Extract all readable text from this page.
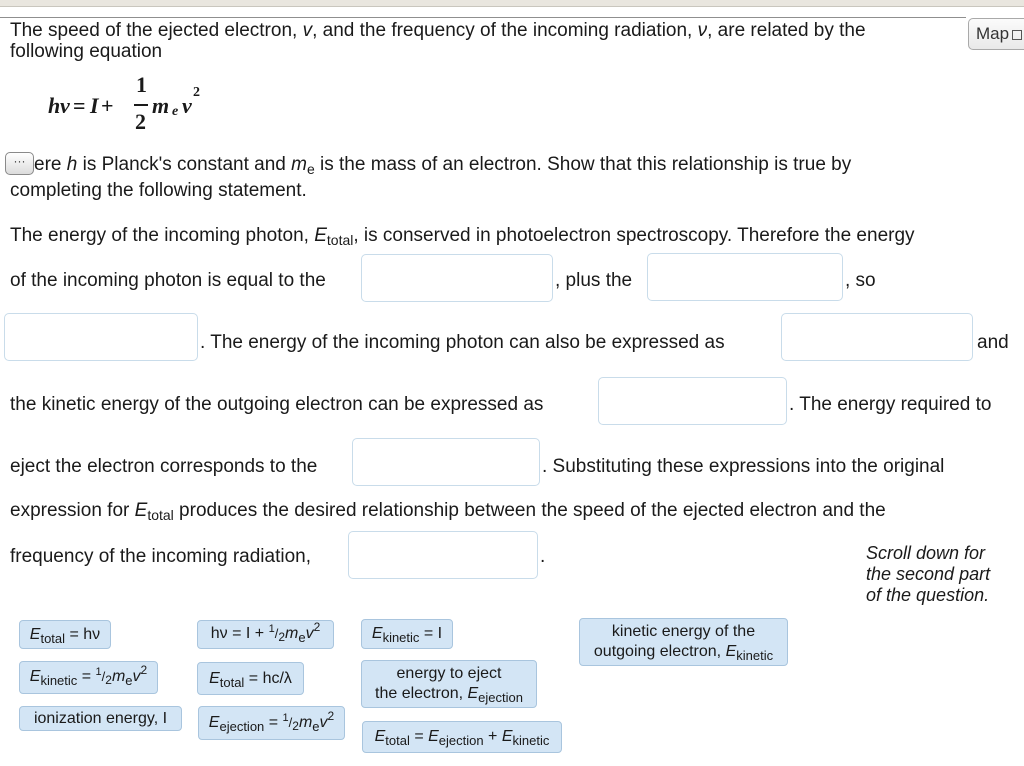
Map
The speed of the ejected electron, v, and the frequency of the incoming radiation, ν, are related by the
following equation
h ν = I +
1
2
m e v
2
··· ere h is Planck's constant and $m_e$ is the mass of an electron. Show that this relationship is true by
completing the following statement.
The energy of the incoming photon, $E_{total}$, is conserved in photoelectron spectroscopy. Therefore the energy
of the incoming photon is equal to the	, plus the	, so
. The energy of the incoming photon can also be expressed as	and
the kinetic energy of the outgoing electron can be expressed as	. The energy required to
eject the electron corresponds to the	. Substituting these expressions into the original
expression for $E_{total}$ produces the desired relationship between the speed of the ejected electron and the
frequency of the incoming radiation,	.	Scroll down for
the second part
of the question.
$E_{total} = h\nu$	$h\nu = I + ^1/2m_ev^2$	$E_{kinetic} = I$	kinetic energy of the
outgoing electron, $E_{kinetic}$
$E_{kinetic} = ^1/2m_ev^2$	$E_{total} = hc/\lambda$	energy to eject
the electron, $E_{ejection}$
ionization energy, I	$E_{ejection} = ^1/2m_ev^2$
$E_{total} = E_{ejection} + E_{kinetic}$
